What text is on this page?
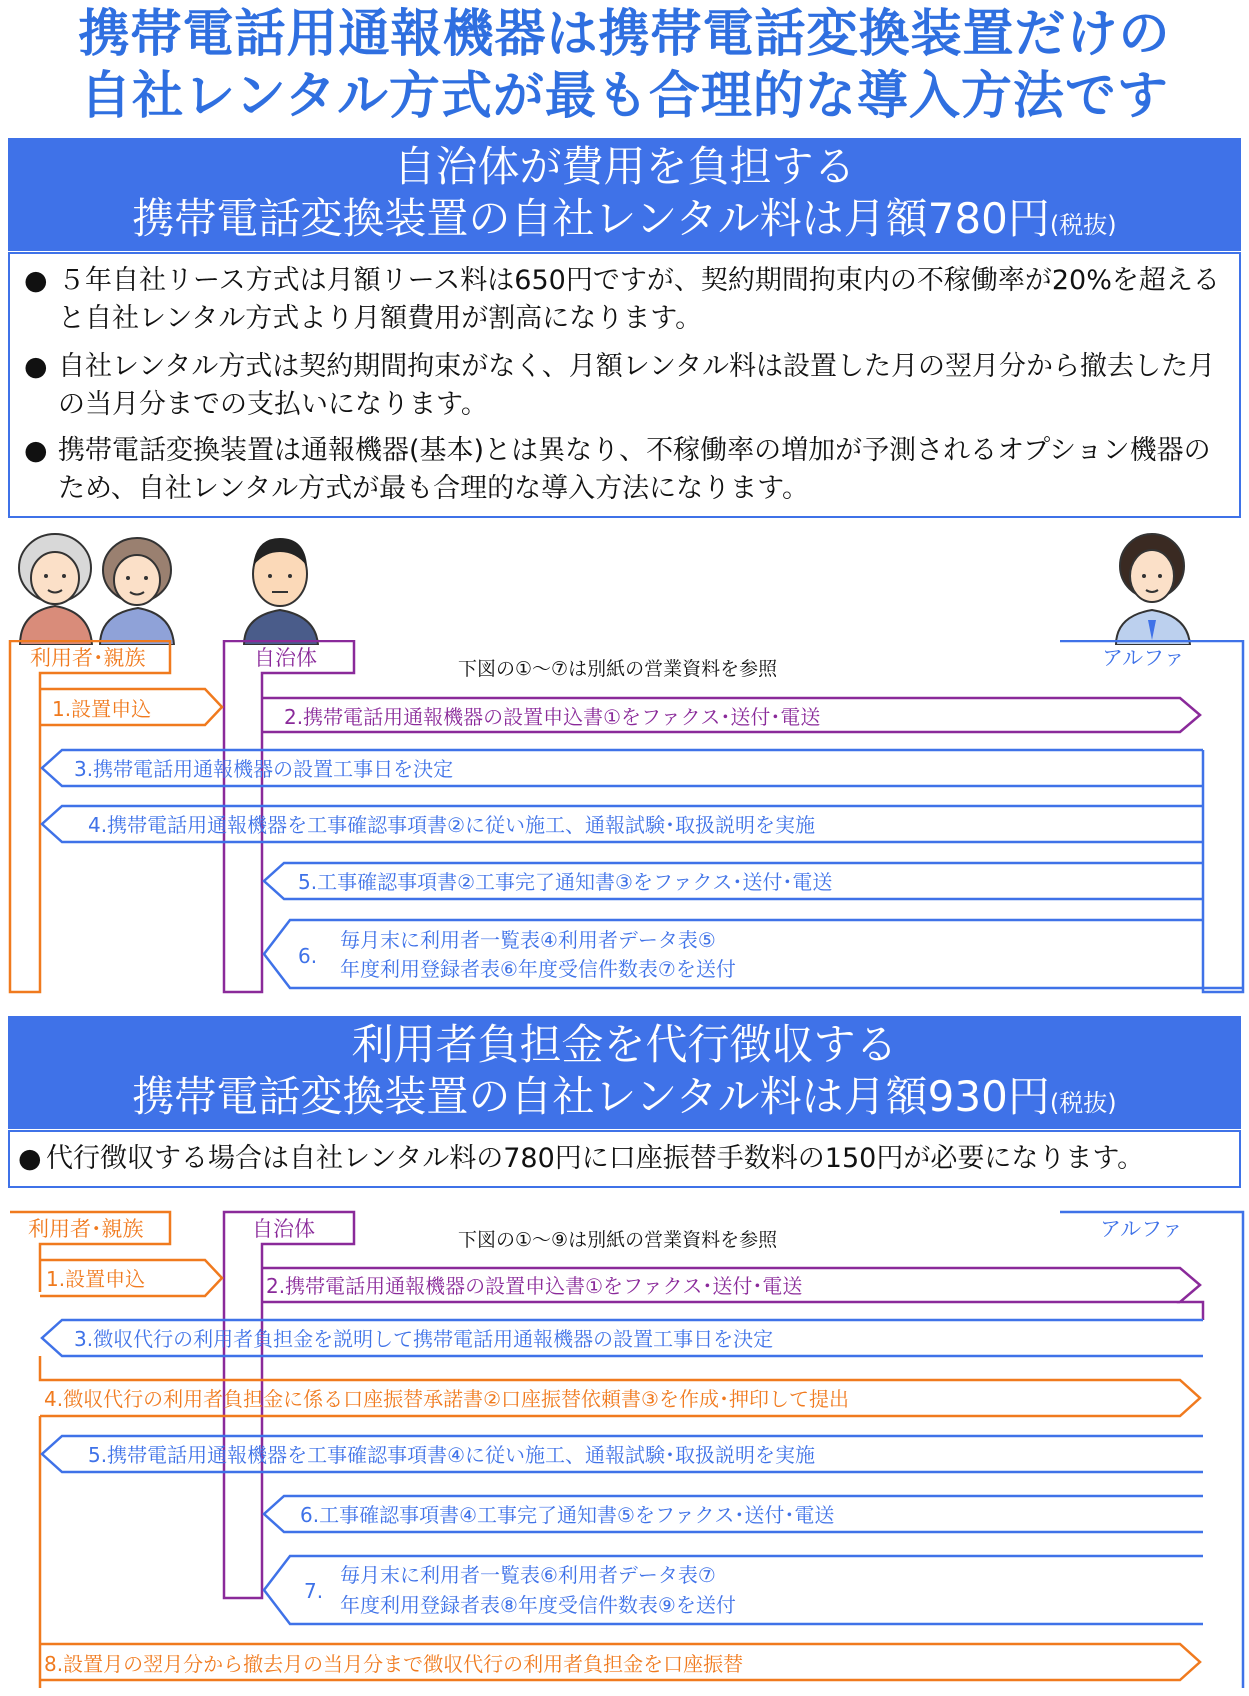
携帯電話用通報機器は携帯電話変換装置だけの
自社レンタル方式が最も合理的な導入方法です
自治体が費用を負担する
携帯電話変換装置の自社レンタル料は月額780円(税抜)
● ５年自社リース方式は月額リース料は650円ですが、契約期間拘束内の不稼働率が20%を超えると自社レンタル方式より月額費用が割高になります。
● 自社レンタル方式は契約期間拘束がなく、月額レンタル料は設置した月の翌月分から撤去した月の当月分までの支払いになります。
● 携帯電話変換装置は通報機器(基本)とは異なり、不稼働率の増加が予測されるオプション機器のため、自社レンタル方式が最も合理的な導入方法になります。
利用者･親族	自治体	アルファ
下図の①～⑦は別紙の営業資料を参照
1.設置申込	2.携帯電話用通報機器の設置申込書①をファクス･送付･電送
3.携帯電話用通報機器の設置工事日を決定
4.携帯電話用通報機器を工事確認事項書②に従い施工、通報試験･取扱説明を実施
5.工事確認事項書②工事完了通知書③をファクス･送付･電送
6.
毎月末に利用者一覧表④利用者データ表⑤
年度利用登録者表⑥年度受信件数表⑦を送付
利用者負担金を代行徴収する
携帯電話変換装置の自社レンタル料は月額930円(税抜)
● 代行徴収する場合は自社レンタル料の780円に口座振替手数料の150円が必要になります。
利用者･親族	自治体	アルファ
下図の①～⑨は別紙の営業資料を参照
1.設置申込	2.携帯電話用通報機器の設置申込書①をファクス･送付･電送
3.徴収代行の利用者負担金を説明して携帯電話用通報機器の設置工事日を決定
4.徴収代行の利用者負担金に係る口座振替承諾書②口座振替依頼書③を作成･押印して提出
5.携帯電話用通報機器を工事確認事項書④に従い施工、通報試験･取扱説明を実施
6.工事確認事項書④工事完了通知書⑤をファクス･送付･電送
7.
毎月末に利用者一覧表⑥利用者データ表⑦
年度利用登録者表⑧年度受信件数表⑨を送付
8.設置月の翌月分から撤去月の当月分まで徴収代行の利用者負担金を口座振替
